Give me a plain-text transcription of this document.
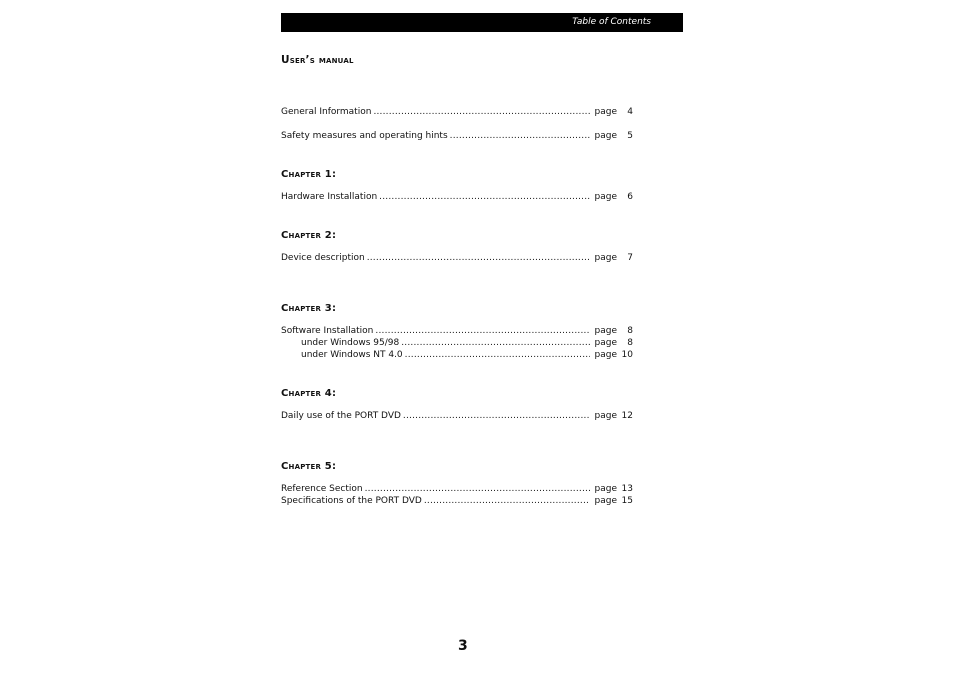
Table of Contents
User’s manual
General Information .....	page	4
Safety measures and operating hints .....	page	5
Chapter 1:
Hardware Installation .....	page	6
Chapter 2:
Device description .....	page	7
Chapter 3:
Software Installation .....	page	8
under Windows 95/98 .....	page	8
under Windows NT 4.0 .....	page 10
Chapter 4:
Daily use of the PORT DVD .....	page 12
Chapter 5:
Reference Section .....	page 13
Specifications of the PORT DVD .....	page 15
3
